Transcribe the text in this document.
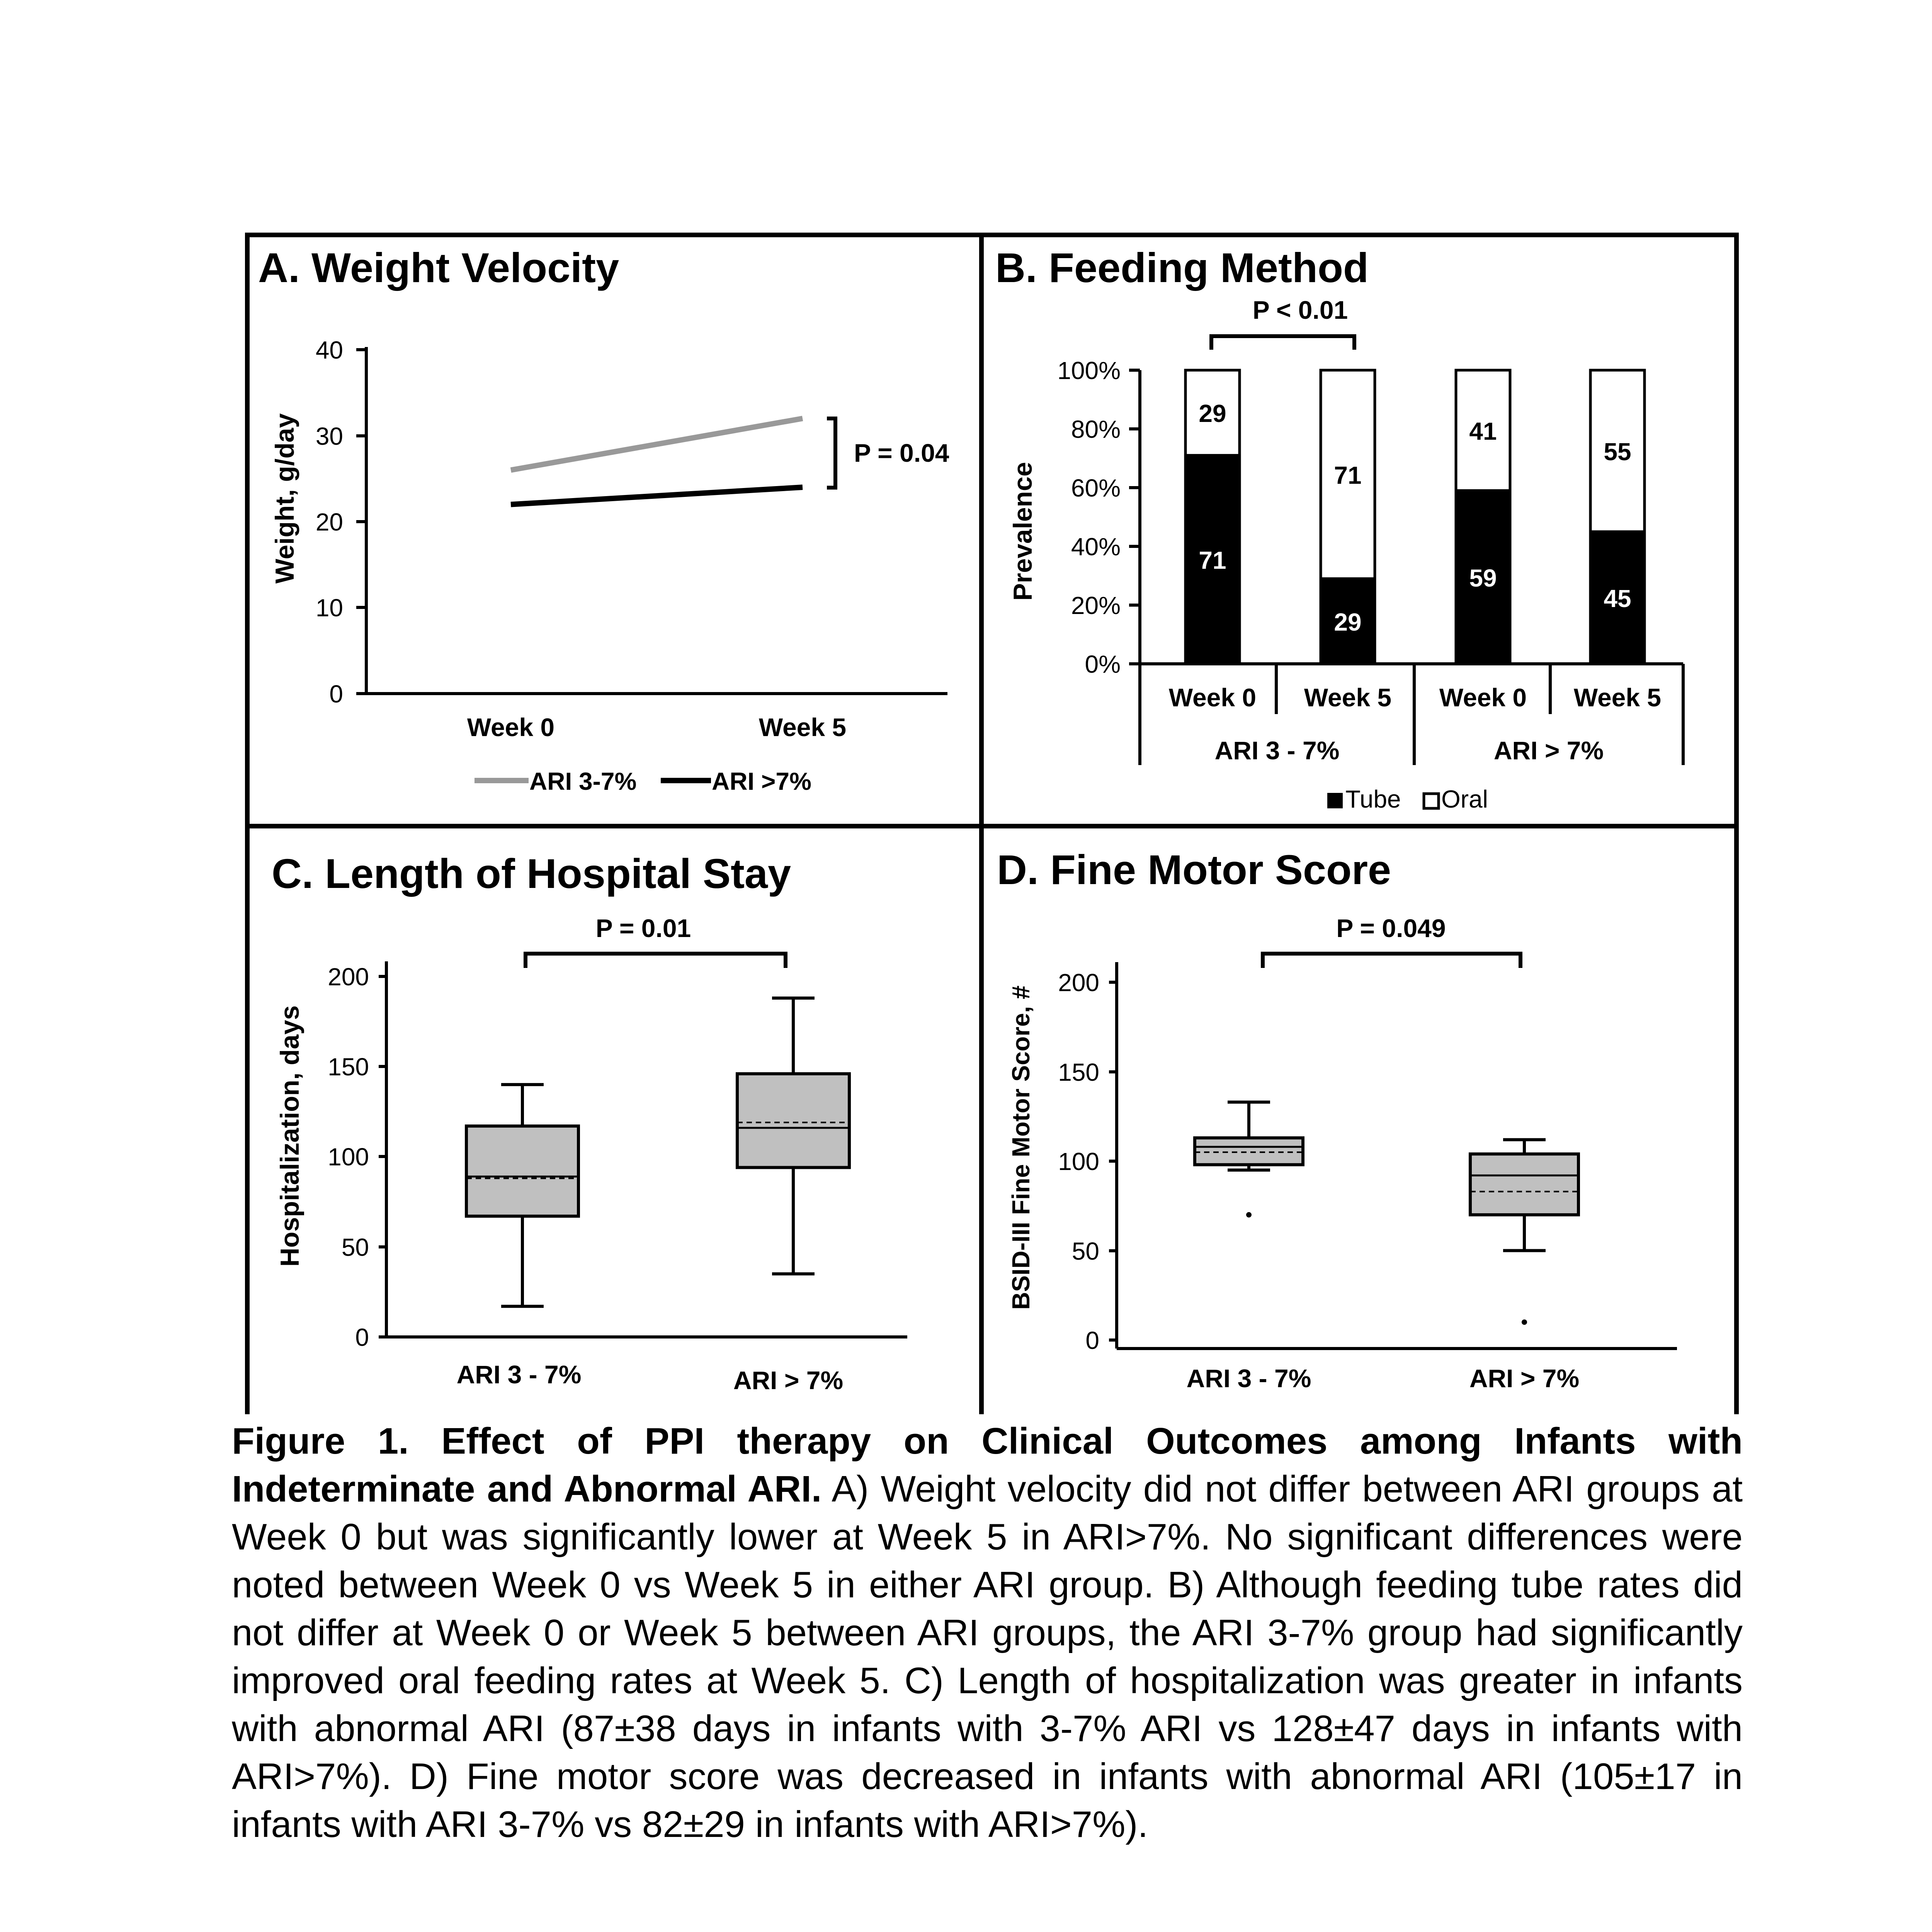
A. Weight Velocity
Weight, g/day
0
10
20
30
40
Week 0	Week 5
P = 0.04
ARI 3-7%	ARI >7%
B. Feeding Method
P < 0.01
Prevalence
0%
20%
40%
60%
80%
100%
71
29
29
71
59
41
45
55
Week 0 Week 5 Week 0 Week 5
ARI 3 - 7%	ARI > 7%
Tube Oral
C. Length of Hospital Stay
P = 0.01
Hospitalization, days
0
50
100
150
200
ARI 3 - 7%	ARI > 7%
D. Fine Motor Score
P = 0.049
BSID-III Fine Motor Score, #
0
50
100
150
200
ARI 3 - 7%	ARI > 7%

Figure 1. Effect of PPI therapy on Clinical Outcomes among Infants with Indeterminate and Abnormal ARI. A) Weight velocity did not differ between ARI groups at Week 0 but was significantly lower at Week 5 in ARI>7%. No significant differences were noted between Week 0 vs Week 5 in either ARI group. B) Although feeding tube rates did not differ at Week 0 or Week 5 between ARI groups, the ARI 3-7% group had significantly improved oral feeding rates at Week 5. C) Length of hospitalization was greater in infants with abnormal ARI (87±38 days in infants with 3-7% ARI vs 128±47 days in infants with ARI>7%). D) Fine motor score was decreased in infants with abnormal ARI (105±17 in infants with ARI 3-7% vs 82±29 in infants with ARI>7%).
